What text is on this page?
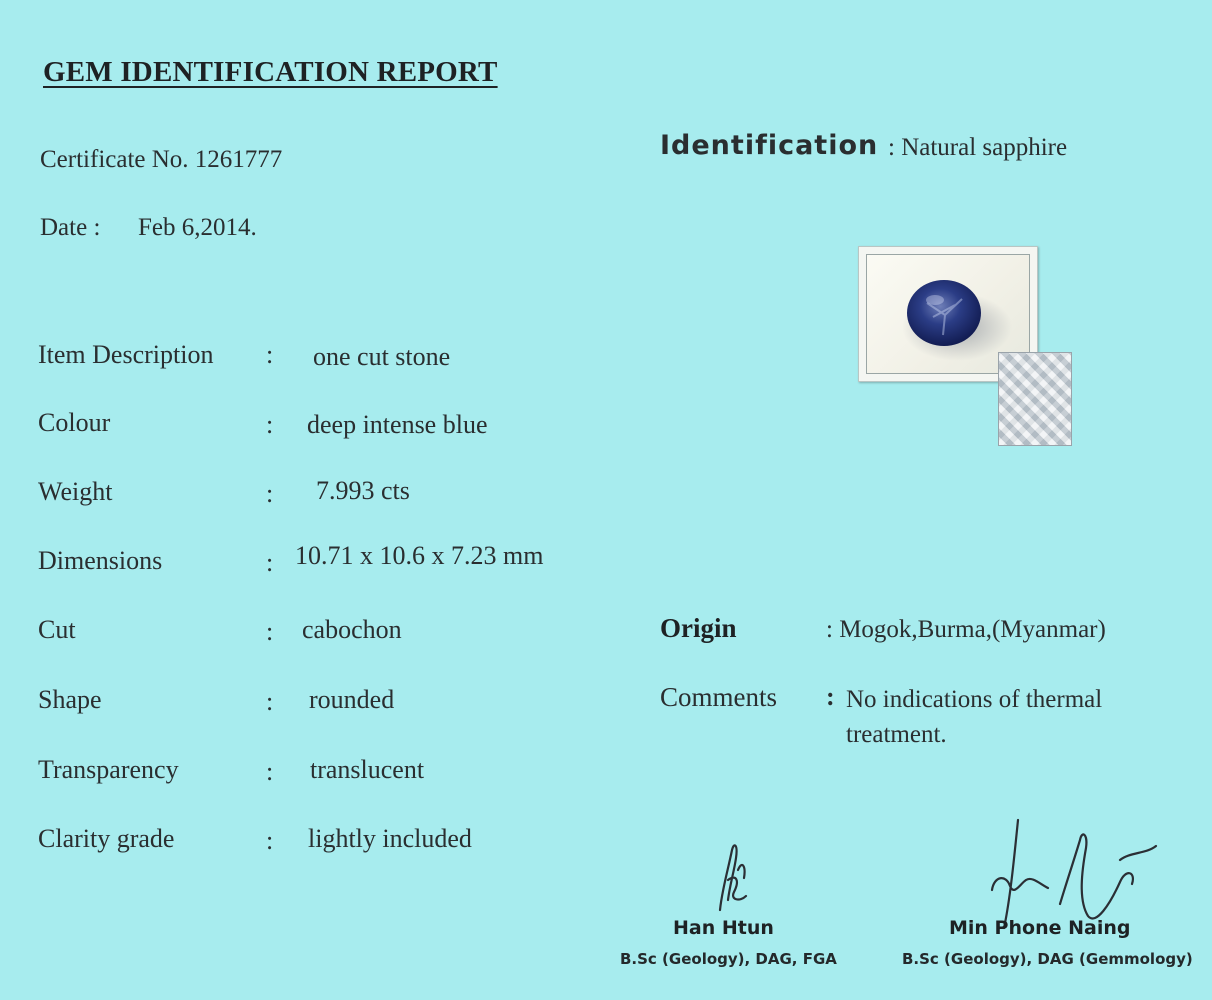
GEM IDENTIFICATION REPORT
Certificate No. 1261777
Date : Feb 6,2014.
Item Description : one cut stone
Colour	: deep intense blue
Weight	: 7.993 cts
Dimensions	: 10.71 x 10.6 x 7.23 mm
Cut	: cabochon
Shape	: rounded
Transparency	: translucent
Clarity grade	: lightly included
Identification : Natural sapphire
Origin	: Mogok,Burma,(Myanmar)
Comments : No indications of thermal treatment.
Han Htun
B.Sc (Geology), DAG, FGA
Min Phone Naing
B.Sc (Geology), DAG (Gemmology)
